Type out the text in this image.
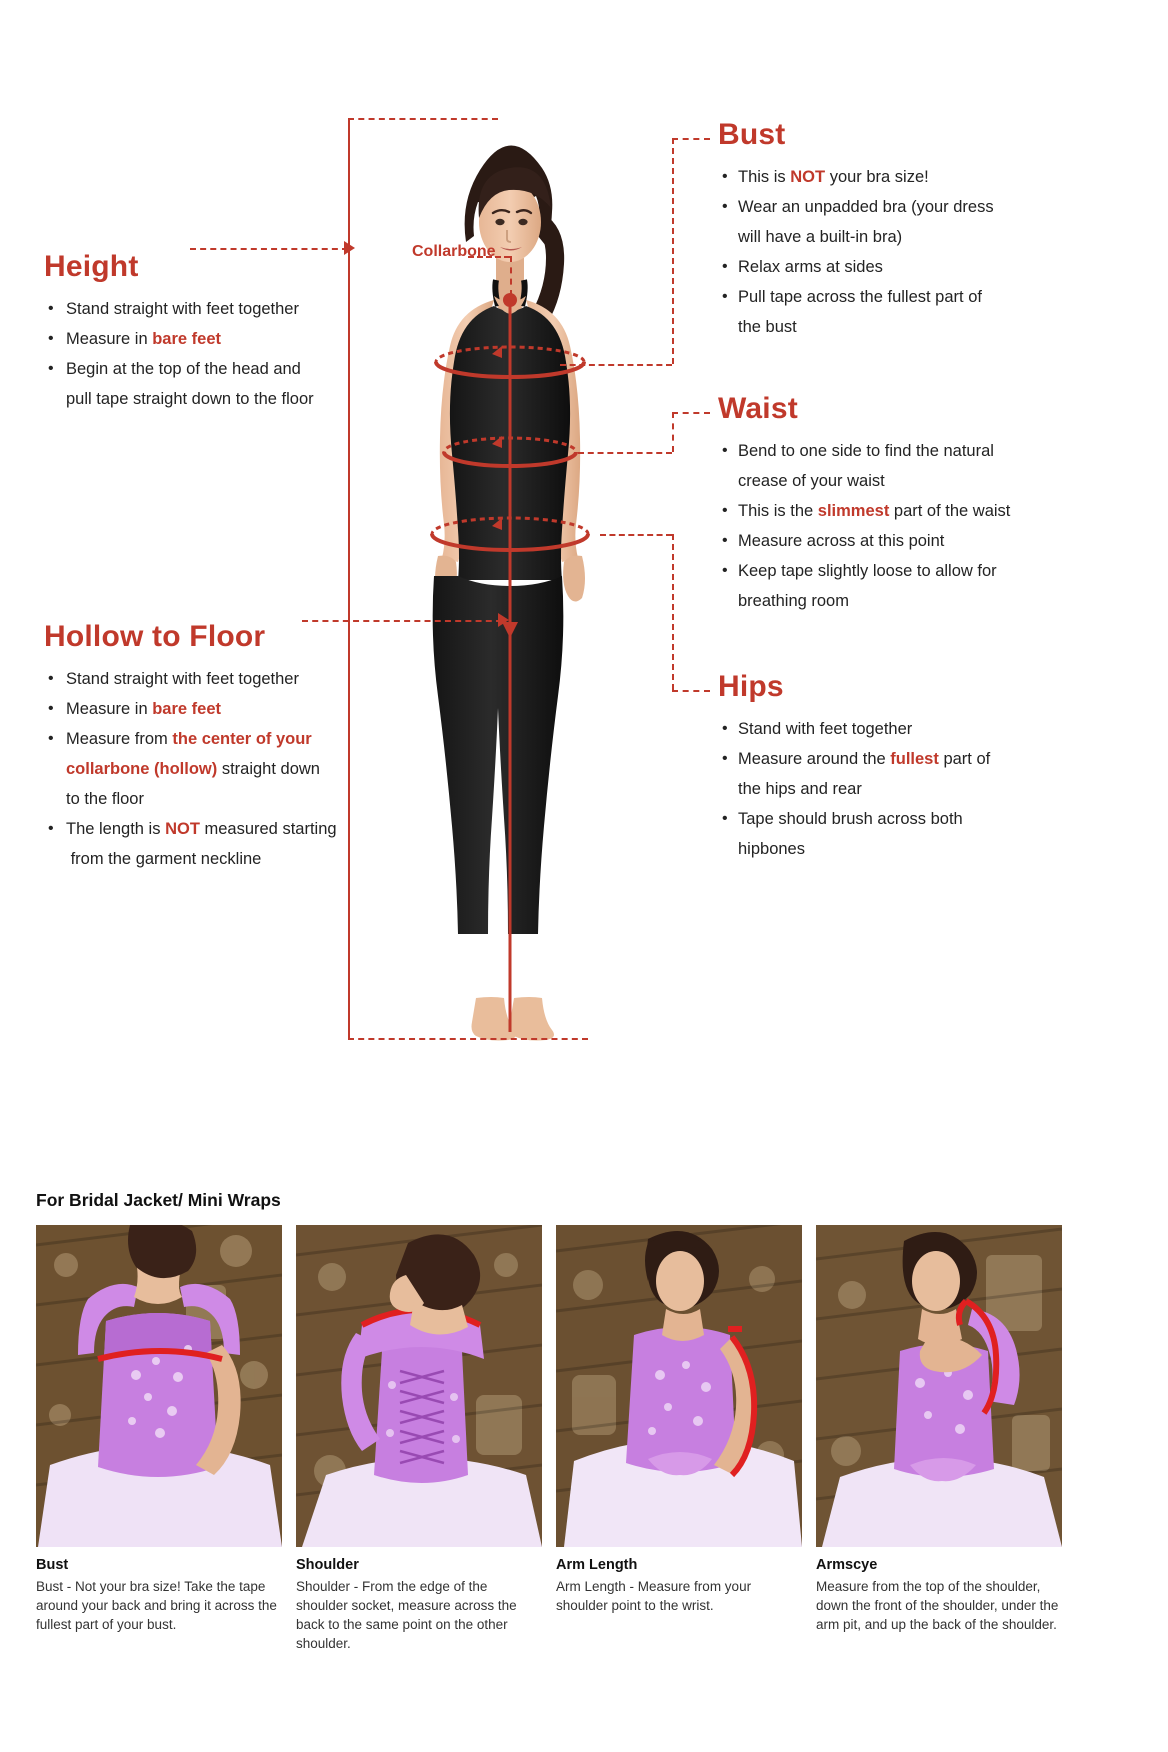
Collarbone
Height
• Stand straight with feet together
• Measure in bare feet
• Begin at the top of the head and
pull tape straight down to the floor
Hollow to Floor
• Stand straight with feet together
• Measure in bare feet
• Measure from the center of your
collarbone (hollow) straight down
to the floor
• The length is NOT measured starting
from the garment neckline
Bust
• This is NOT your bra size!
• Wear an unpadded bra (your dress
will have a built-in bra)
• Relax arms at sides
• Pull tape across the fullest part of
the bust
Waist
• Bend to one side to find the natural
crease of your waist
• This is the slimmest part of the waist
• Measure across at this point
• Keep tape slightly loose to allow for
breathing room
Hips
• Stand with feet together
• Measure around the fullest part of
the hips and rear
• Tape should brush across both
hipbones
For Bridal Jacket/ Mini Wraps
Bust
Bust - Not your bra size! Take the tape around your back and bring it across the fullest part of your bust.
Shoulder
Shoulder - From the edge of the shoulder socket, measure across the back to the same point on the other shoulder.
Arm Length
Arm Length - Measure from your shoulder point to the wrist.
Armscye
Measure from the top of the shoulder, down the front of the shoulder, under the arm pit, and up the back of the shoulder.
